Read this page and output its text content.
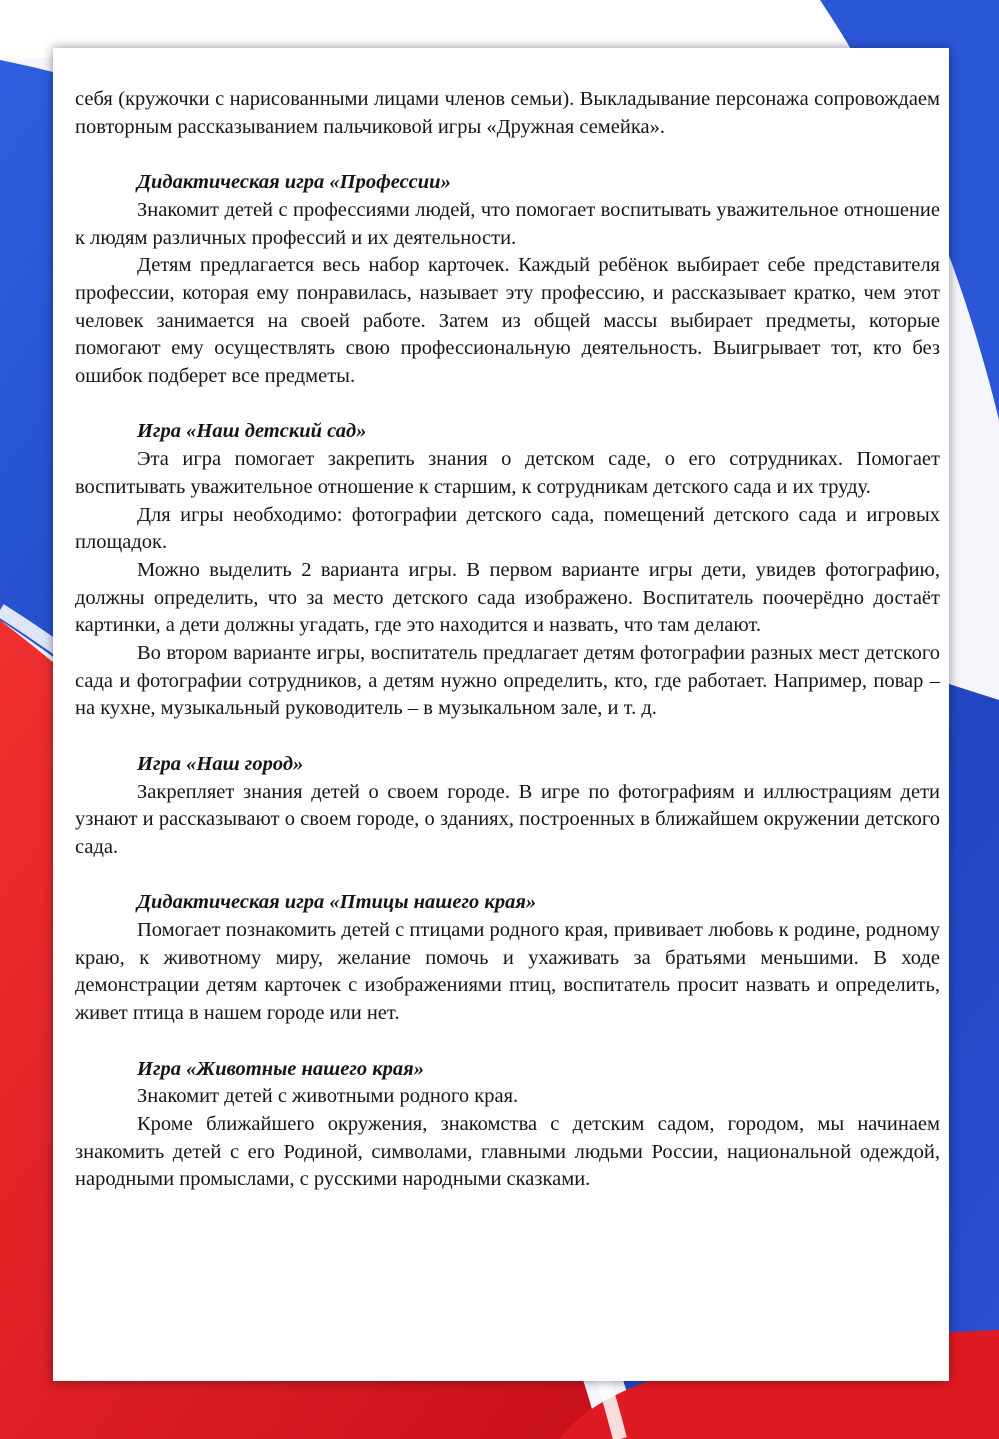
себя (кружочки с нарисованными лицами членов семьи). Выкладывание персонажа сопровождаем повторным рассказыванием пальчиковой игры «Дружная семейка».

Дидактическая игра «Профессии»

Знакомит детей с профессиями людей, что помогает воспитывать уважительное отношение к людям различных профессий и их деятельности.

Детям предлагается весь набор карточек. Каждый ребёнок выбирает себе представителя профессии, которая ему понравилась, называет эту профессию, и рассказывает кратко, чем этот человек занимается на своей работе. Затем из общей массы выбирает предметы, которые помогают ему осуществлять свою профессиональную деятельность. Выигрывает тот, кто без ошибок подберет все предметы.

Игра «Наш детский сад»

Эта игра помогает закрепить знания о детском саде, о его сотрудниках. Помогает воспитывать уважительное отношение к старшим, к сотрудникам детского сада и их труду.

Для игры необходимо: фотографии детского сада, помещений детского сада и игровых площадок.

Можно выделить 2 варианта игры. В первом варианте игры дети, увидев фотографию, должны определить, что за место детского сада изображено. Воспитатель поочерёдно достаёт картинки, а дети должны угадать, где это находится и назвать, что там делают.

Во втором варианте игры, воспитатель предлагает детям фотографии разных мест детского сада и фотографии сотрудников, а детям нужно определить, кто, где работает. Например, повар – на кухне, музыкальный руководитель – в музыкальном зале, и т. д.

Игра «Наш город»

Закрепляет знания детей о своем городе. В игре по фотографиям и иллюстрациям дети узнают и рассказывают о своем городе, о зданиях, построенных в ближайшем окружении детского сада.

Дидактическая игра «Птицы нашего края»

Помогает познакомить детей с птицами родного края, прививает любовь к родине, родному краю, к животному миру, желание помочь и ухаживать за братьями меньшими. В ходе демонстрации детям карточек с изображениями птиц, воспитатель просит назвать и определить, живет птица в нашем городе или нет.

Игра «Животные нашего края»

Знакомит детей с животными родного края.

Кроме ближайшего окружения, знакомства с детским садом, городом, мы начинаем знакомить детей с его Родиной, символами, главными людьми России, национальной одеждой, народными промыслами, с русскими народными сказками.
